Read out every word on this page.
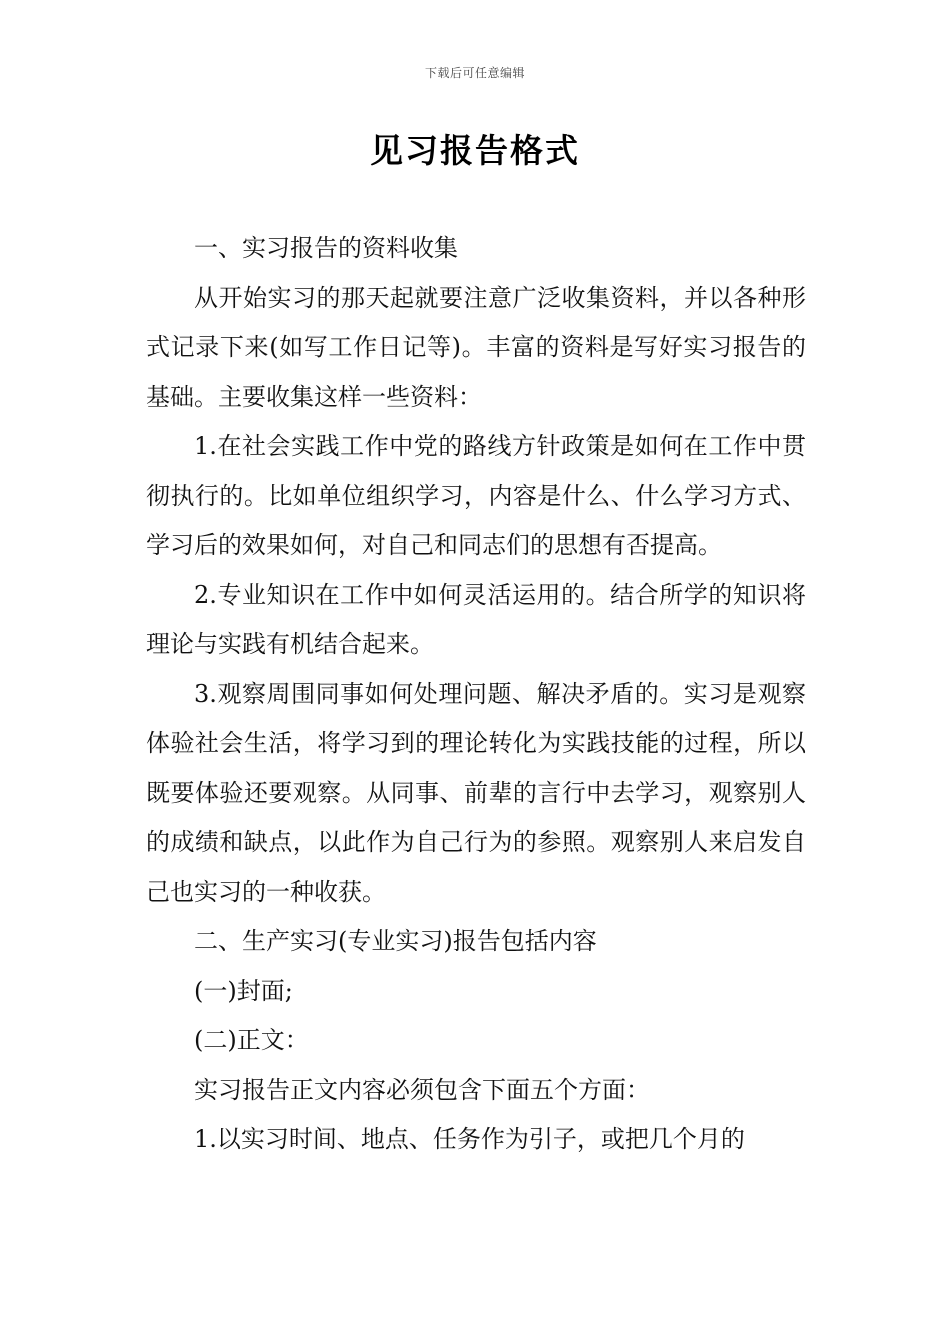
下载后可任意编辑
见习报告格式

一、实习报告的资料收集

从开始实习的那天起就要注意广泛收集资料，并以各种形式记录下来(如写工作日记等)。丰富的资料是写好实习报告的基础。主要收集这样一些资料：

1.在社会实践工作中党的路线方针政策是如何在工作中贯彻执行的。比如单位组织学习，内容是什么、什么学习方式、学习后的效果如何，对自己和同志们的思想有否提高。

2.专业知识在工作中如何灵活运用的。结合所学的知识将理论与实践有机结合起来。

3.观察周围同事如何处理问题、解决矛盾的。实习是观察体验社会生活，将学习到的理论转化为实践技能的过程，所以既要体验还要观察。从同事、前辈的言行中去学习，观察别人的成绩和缺点，以此作为自己行为的参照。观察别人来启发自己也实习的一种收获。

二、生产实习(专业实习)报告包括内容

(一)封面;

(二)正文：

实习报告正文内容必须包含下面五个方面：

1.以实习时间、地点、任务作为引子，或把几个月的
